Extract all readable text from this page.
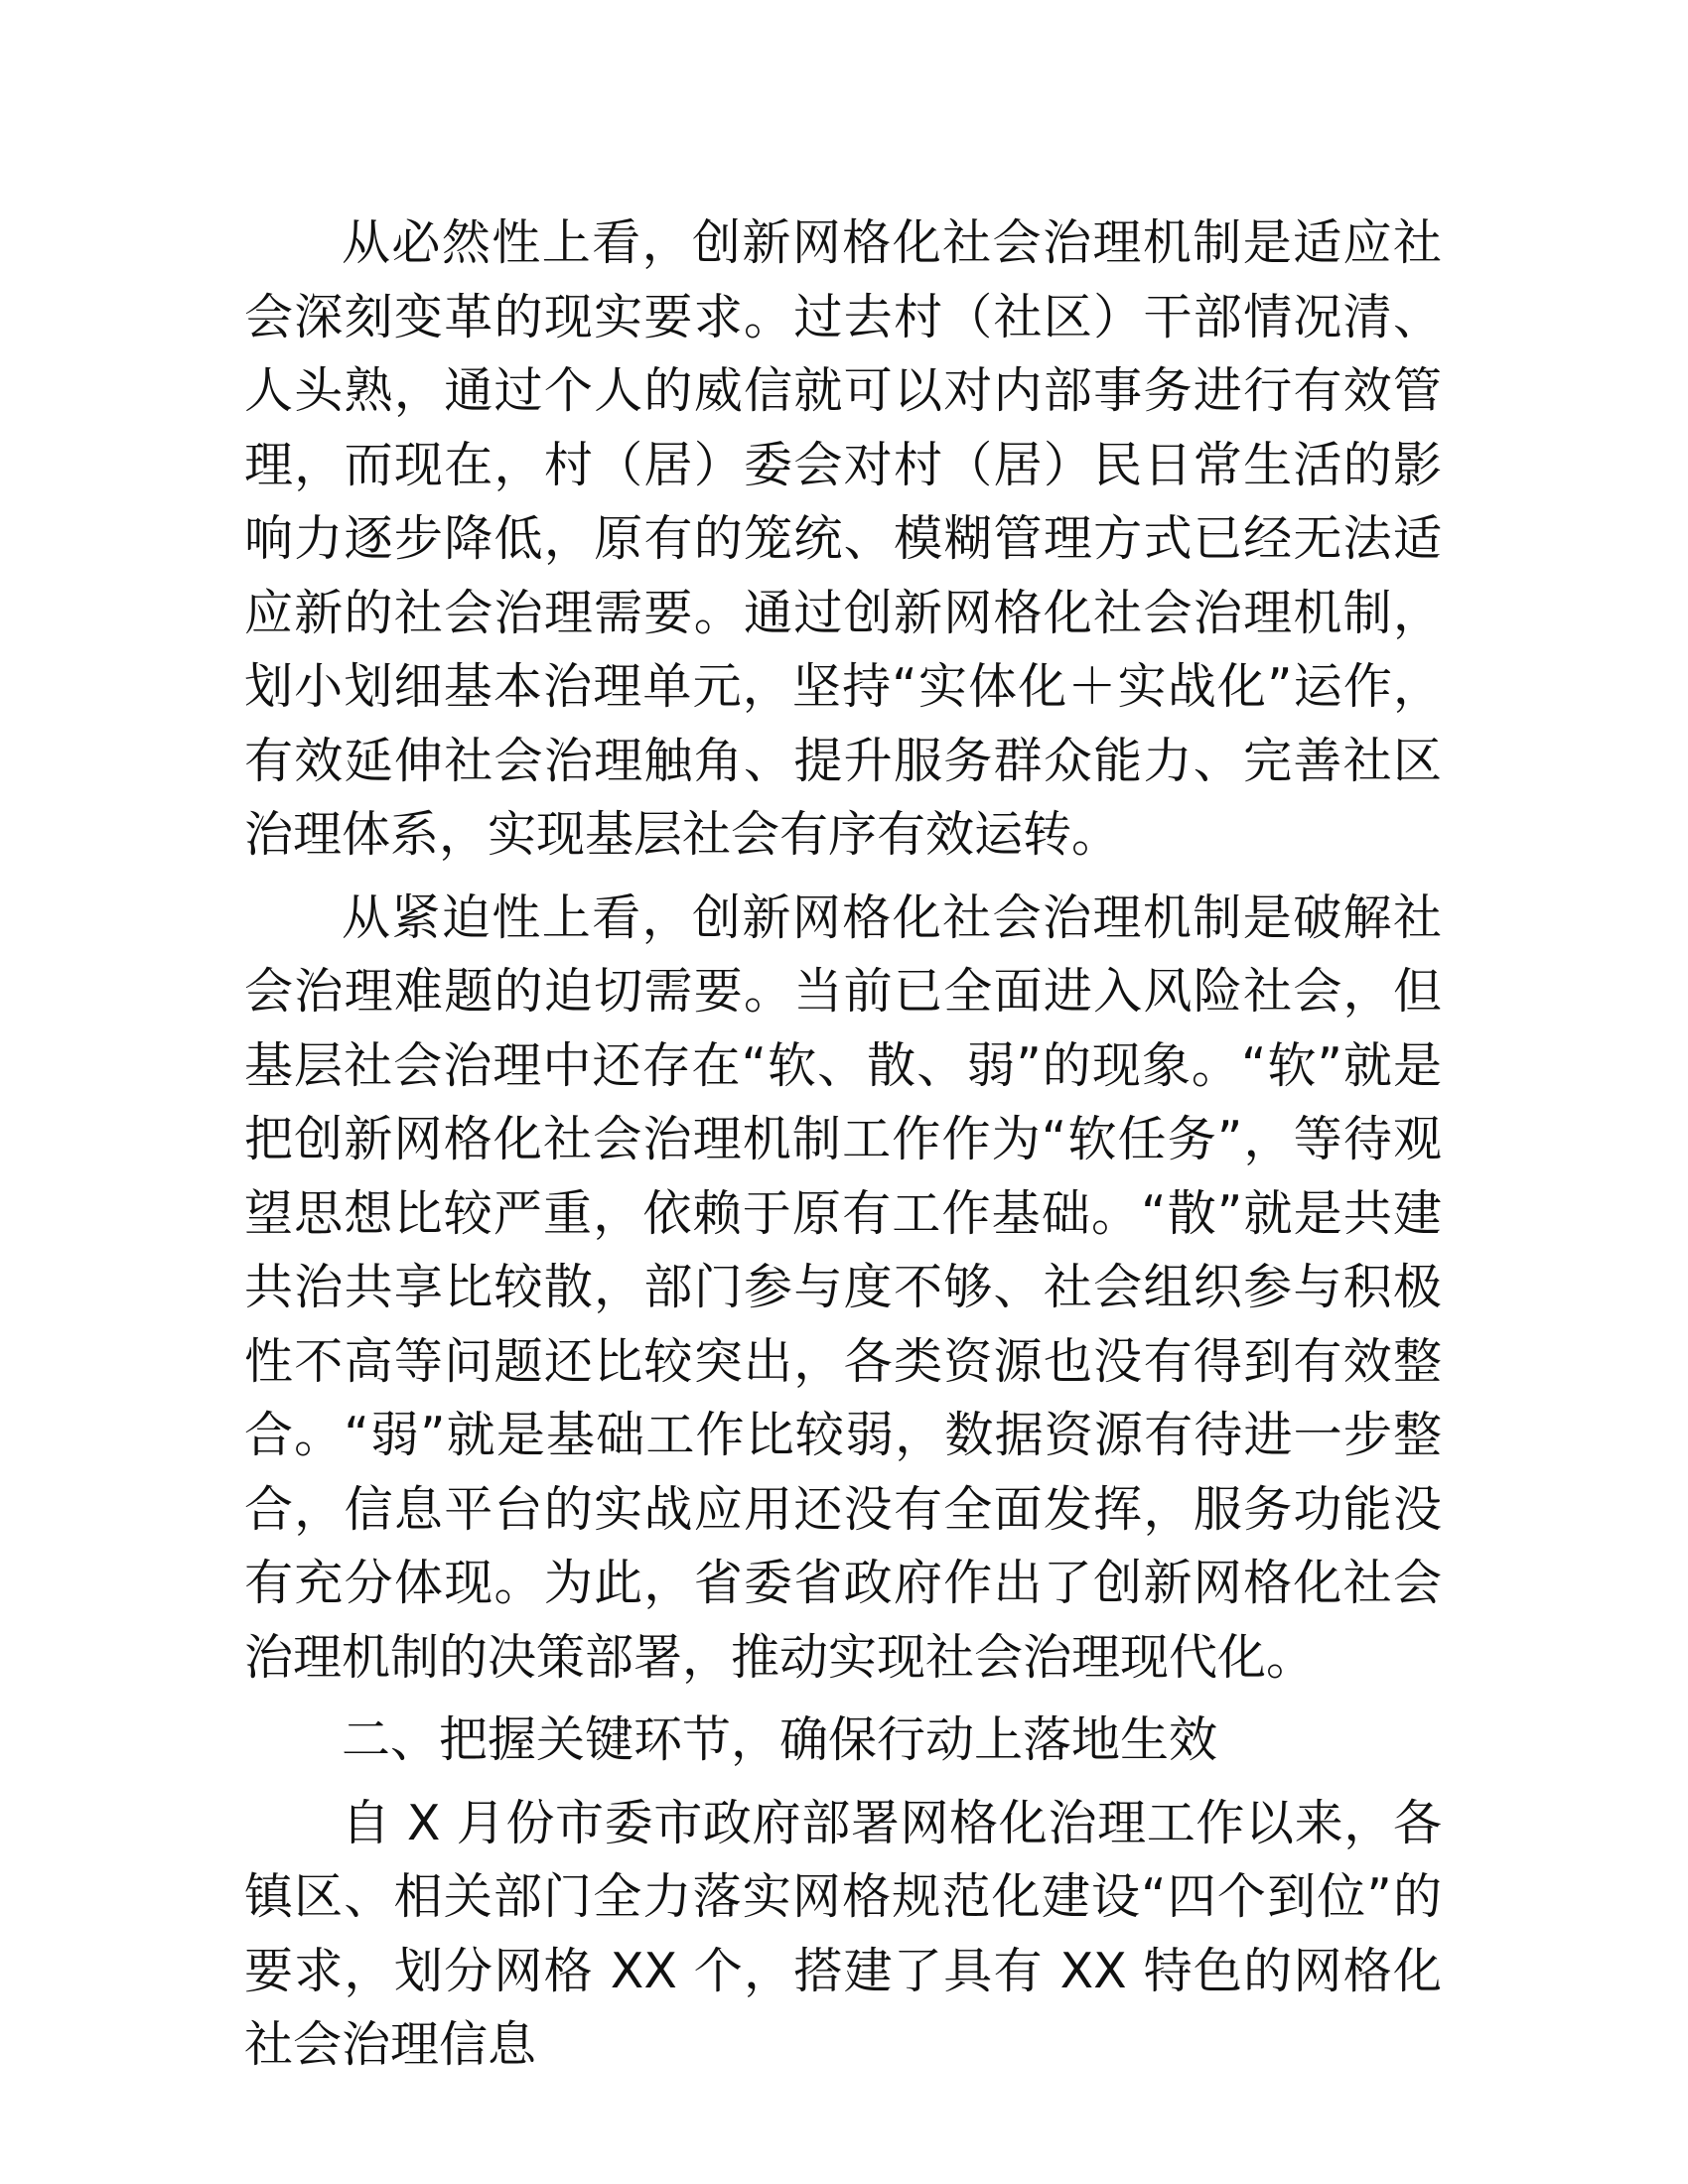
从必然性上看，创新网格化社会治理机制是适应社会深刻变革的现实要求。过去村（社区）干部情况清、人头熟，通过个人的威信就可以对内部事务进行有效管理，而现在，村（居）委会对村（居）民日常生活的影响力逐步降低，原有的笼统、模糊管理方式已经无法适应新的社会治理需要。通过创新网格化社会治理机制，划小划细基本治理单元，坚持“实体化＋实战化”运作，有效延伸社会治理触角、提升服务群众能力、完善社区治理体系，实现基层社会有序有效运转。

从紧迫性上看，创新网格化社会治理机制是破解社会治理难题的迫切需要。当前已全面进入风险社会，但基层社会治理中还存在“软、散、弱”的现象。“软”就是把创新网格化社会治理机制工作作为“软任务”，等待观望思想比较严重，依赖于原有工作基础。“散”就是共建共治共享比较散，部门参与度不够、社会组织参与积极性不高等问题还比较突出，各类资源也没有得到有效整合。“弱”就是基础工作比较弱，数据资源有待进一步整合，信息平台的实战应用还没有全面发挥，服务功能没有充分体现。为此，省委省政府作出了创新网格化社会治理机制的决策部署，推动实现社会治理现代化。

二、把握关键环节，确保行动上落地生效

自 X 月份市委市政府部署网格化治理工作以来，各镇区、相关部门全力落实网格规范化建设“四个到位”的要求，划分网格 XX 个，搭建了具有 XX 特色的网格化社会治理信息
